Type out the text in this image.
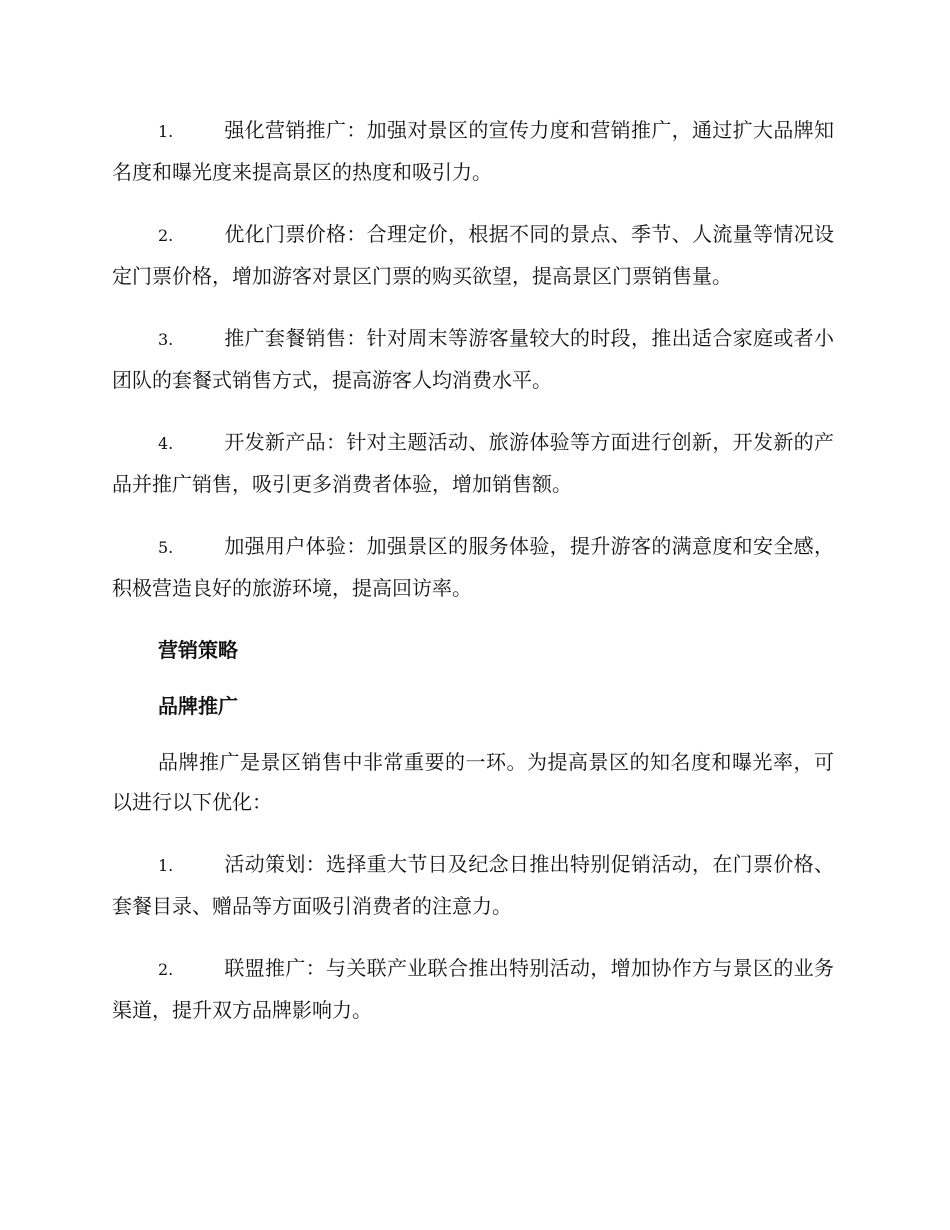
1.	强化营销推广：加强对景区的宣传力度和营销推广，通过扩大品牌知名度和曝光度来提高景区的热度和吸引力。
2.	优化门票价格：合理定价，根据不同的景点、季节、人流量等情况设定门票价格，增加游客对景区门票的购买欲望，提高景区门票销售量。
3.	推广套餐销售：针对周末等游客量较大的时段，推出适合家庭或者小团队的套餐式销售方式，提高游客人均消费水平。
4.	开发新产品：针对主题活动、旅游体验等方面进行创新，开发新的产品并推广销售，吸引更多消费者体验，增加销售额。
5.	加强用户体验：加强景区的服务体验，提升游客的满意度和安全感，积极营造良好的旅游环境，提高回访率。
营销策略
品牌推广
品牌推广是景区销售中非常重要的一环。为提高景区的知名度和曝光率，可以进行以下优化：
1.	活动策划：选择重大节日及纪念日推出特别促销活动，在门票价格、套餐目录、赠品等方面吸引消费者的注意力。
2.	联盟推广：与关联产业联合推出特别活动，增加协作方与景区的业务渠道，提升双方品牌影响力。
